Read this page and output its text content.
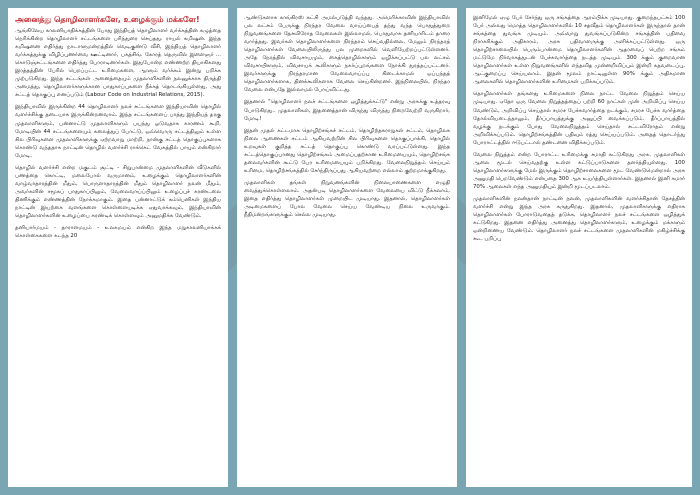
அனைத்து தொழிலாளர்களே, உழைக்கும் மக்களே!

ஆங்கிலேய காலனியாதிக்கத்தின் போது இந்தியத் தொழிலாளர் வர்க்கத்தின் கழுத்தை நெரிக்கின்ற தொழிலாளர் சட்டங்களை பரிந்துரை செய்தது. ராயல் கமிஷன். இந்த கமிஷனை எதிர்த்து நாடாளுமன்றத்தில் வெடிகுண்டு வீசி, இந்தியத் தொழிலாளர் வர்க்கத்துக்கு விழிப்புணர்வை ஊட்டினார், பகத்சிங். கோரத் தெருவில் இளைஞர் ... கொடுஞ்சட்டங்களை எதிர்த்து போராடினார்கள். இதுபோன்ற எண்ணற்ற தியாகிகளது இரத்தத்தின் பேரில் பெறப்பட்ட உரிமைகளை, ஆளும் வர்க்கம் இன்று பறிக்க முற்படுகிறது. இந்த சட்டங்கள் அனைத்தையும் முதலாளிகளின் நலனுக்காக திருத்தி அமைத்து, தொழிலாளர்களுக்கான பாதுகாப்புகளை நீக்கத் தொடங்கியுள்ளது, அது சட்டத் தொகுப்பு எனப்படும் (Labour Code on Industrial Relations, 2015).

இந்தியாவில் இருக்கின்ற 44 தொழிலாளர் நலச் சட்டங்களை இந்தியாவின் தொழில் வளர்ச்சிக்கு தடையாக இருக்கின்றனவாம். இந்த சட்டங்களைப் பாத்து இந்தியத் தரகு முதலாளிகளும், பன்னாட்டு முதலாளிகளும் பயந்து ஓடுவதாக காரணம் கூறி, மோடியின் 44 சட்டங்களையும் கலைத்துப் போட்டு, ஒவ்வொரு சட்டத்திலும் உள்ள சில பிரிவுகளை முதலாளிகளுக்கு ஏற்றவாறு மாற்றி, நான்கு சட்டத் தொகுப்புகளாக கொண்டு வந்ததாக நாட்டின் தொழில் வளர்ச்சி ராக்கெட் வேகத்தில் பாயும் என்கிறார் மோடி.

தொழில் வளர்ச்சி என்ற மகுடம் சூட்டி - சிறுபான்மை முதலாளிகளின் வீடுகளில் பணத்தை கொட்டி, மலைபோல் வருமானம், உழைக்கும் தொழிலாளர்களின் வாழ்வாதாரத்தின் மீதும், பொருளாதாரத்தின் மீதும் தொழிலாளர் நலன் மீதும், அவர்களின் சமூகப் பாதுகாப்பிலும், வேலைவாய்ப்பிலும் உழைப்புச் சுரண்டலை திணிக்கும் எண்ணத்தின் நோக்கமாகும். இதை பன்னாட்டுக் கம்பெனிகள் இந்திய நாட்டின் இயற்கை வளங்களை கொள்ளையடிக்க ஏதுவாக்கவும், இந்தியாவின் தொழிலாளர்களின் உழைப்பை சுரண்டிக் கொள்ளவும் அனுமதிக்க வேண்டும்.

தனியார்மயம் - தாராளமயம் - உலகமயம் என்கிற இந்த மறுகாலனியாக்கக் கொள்கைகளை கடந்த 20

ஆண்டுகளாக காங்கிரஸ் கட்சி அமல்படுத்தி வந்தது. அமெரிக்காவின் இந்தியாவில் பல லட்சம் பேருக்கு நிரந்தர வேலை வாய்ப்பைத் தந்து வந்த பொதுத்துறை நிறுவனங்களை தேசவிரோத வேலைகள் இல்லாமல், பொதுவாக தனியாரிடம் தாரை வார்த்தது. இவர்கள் தொழிலாளர்களை நிரந்தரம் செய்வதில்லை, மேலும் நிரந்தரத் தொழிலாளர்கள் வேலையிலிருந்து பல முறைகளில் வெளியேற்றப்பட்டுள்ளனர். அதே நேரத்தில் விவசாயமும், கைத்தொழில்களும் ஒழிக்கப்பட்டு பல லட்சம் விவசாயிகளும், விவசாயக் கூலிகளும் நகர்ப்புறங்களை நோக்கி துரத்தப்பட்டனர். இவர்களுக்கு நிரந்தரமான வேலைவாய்ப்பு கிடைக்காமல் ஒப்பந்தத் தொழிலாளர்களாக, தினக்கூலிகளாக வேலை செய்கின்றனர். இந்நிலையில், நிரந்தர வேலை என்பதே இல்லாமல் போய்விட்டது.

இதனால் "தொழிலாளர் நலச் சட்டங்களை ஒழித்துக்கட்டு" என்று அரசுக்கு உத்தரவு போடுகிறது.. முதலாளிகள், இதனைத்தான் விருந்து விருந்து நிறைவேற்றி வருகிறார், மோடி!

இதன் முதல் கட்டமாக தொழிற்சங்கச் சட்டம், தொழிற்தகராறுகள் சட்டம், தொழிலக நிலை ஆணைகள் சட்டம் ஆகியவற்றின் சில பிரிவுகளை தொகுப்பாக்கி, தொழில் உறவுகள் குறித்த சட்டத் தொகுப்பு கொண்டு வரப்பட்டுள்ளது. இந்த சட்டத்தொகுப்பானது தொழிற்சங்கம் அமைப்பதற்கான உரிமையையும், தொழிற்சங்க தலைவர்களின் கூட்டு பேர உரிமையையும் பறிக்கிறது. வேலைநிறுத்தம் செய்யும் உரிமை, தொழிற்சங்கத்தில் சேர்ந்திருப்பது ஆகியவற்றை எல்லாம் குற்றமாக்குகிறது.

முதலாளிகள் தங்கள் நிறுவனங்களின் நிலையாணைகளை எழுதி வைத்துக்கொள்ளலாம். அதன்படி தொழிலாளர்களை வேலையை விட்டு நீக்கலாம், இதை எதிர்த்து தொழிலாளர்கள் முறையிட முடியாது. இதனால், தொழிலாளர்கள் அடிமைகளைப் போல வேலை செய்ய வேண்டிய நிலை உருவாகும். நீதிமன்றங்களுக்கும் செல்ல முடியாது.

இனிமேல் ஏழு பேர் சேர்ந்து ஒரு சங்கத்தை ஆரம்பிக்க முடியாது. குறைந்தபட்சம் 100 பேர் அல்லது மொத்த தொழிலாளர்களில் 10 சதவீதம் தொழிலாளர்கள் இருந்தால் தான் சங்கத்தை துவங்க முடியும். அவ்வாறு துவங்கப்படுகின்ற சங்கத்தின் பதிவை நிராகரிக்கும் அதிகாரம், அரசு பதிவாளருக்கு அளிக்கப்பட்டுள்ளது. ஒரு தொழிற்சாலையில் பெரும்பான்மை தொழிலாளர்களின் ஆதரவைப் பெற்ற சங்கம் மட்டுமே நிர்வாகத்துடன் பேச்சுவார்த்தை நடத்த முடியும். 300 க்கும் குறைவான தொழிலாளர்கள் உள்ள நிறுவனங்களில் எந்தவித முன்னறிவிப்பும் இன்றி கதவடைப்பு, ஆட்குறைப்பு செய்யலாம். இதன் மூலம் நாட்டிலுள்ள 90% க்கும் அதிகமான ஆலைகளில் தொழிலாளர்களின் உரிமைகள் பறிக்கப்படும்.

தொழிலாளர்கள் தங்களது உரிமைகளை நிலை நாட்ட வேலை நிறுத்தம் செய்ய முடியாது. ஏதோ ஒரு வேலை நிறுத்தத்தைப் பற்றி 60 நாட்கள் முன் அறிவிப்பு செய்ய வேண்டும், அறிவிப்பு செய்தால் சமரச பேச்சுவார்த்தை நடக்கும், சமரச பேச்சு வார்த்தை தோல்வியடைந்தாலும், தீர்ப்பாயத்துக்கு அனுப்பி வைக்கப்படும். தீர்ப்பாயத்தில் வழக்கு நடக்கும் போது வேலைநிறுத்தம் செய்தால் சட்டவிரோதம் என்று அறிவிக்கப்படும். தொழிற்சங்கத்தின் பதிவும் ரத்து செய்யப்படும். அதைத் தொடர்ந்து போராட்டத்தில் ஈடுபட்டால் தண்டனை விதிக்கப்படும்.

வேலை நிறுத்தம் என்ற போராட்ட உரிமைக்கு சமாதி கட்டுகிறது அரசு. முதலாளிகள் ஆலை மூடல் செய்வதற்கு உள்ள கட்டுப்பாடுகளை தளர்த்தியுள்ளது. 100 தொழிலாளர்களுக்கு மேல் இருக்கும் தொழிற்சாலைகளை மூட வேண்டுமென்றால் அரசு அனுமதி பெறவேண்டும் என்பதை 300 ஆக உயர்த்தியுள்ளார்கள். இதனால் இனி சுமார் 70% ஆலைகள் எந்த அனுமதியும் இன்றி மூடப்படலாம்.

முதலாளிகளின் நலன்தான் நாட்டின் நலன், முதலாளிகளின் வளர்ச்சிதான் தேசத்தின் வளர்ச்சி என்று இந்த அரசு கருதுகிறது. இதனால், முதலாளிகளுக்கு எதிராக தொழிலாளர்கள் போராடுவதைத் தடுக்க, தொழிலாளர் நலச் சட்டங்களை ஒழித்துக் கட்டுகிறது. இதனை எதிர்த்து அனைத்து தொழிலாளர்களும், உழைக்கும் மக்களும் ஒன்றிணைய வேண்டும். தொழிலாளர் நலச் சட்டங்களை முதலாளிகளின் மகிழ்ச்சிக்கு கூட பறிப்பு
